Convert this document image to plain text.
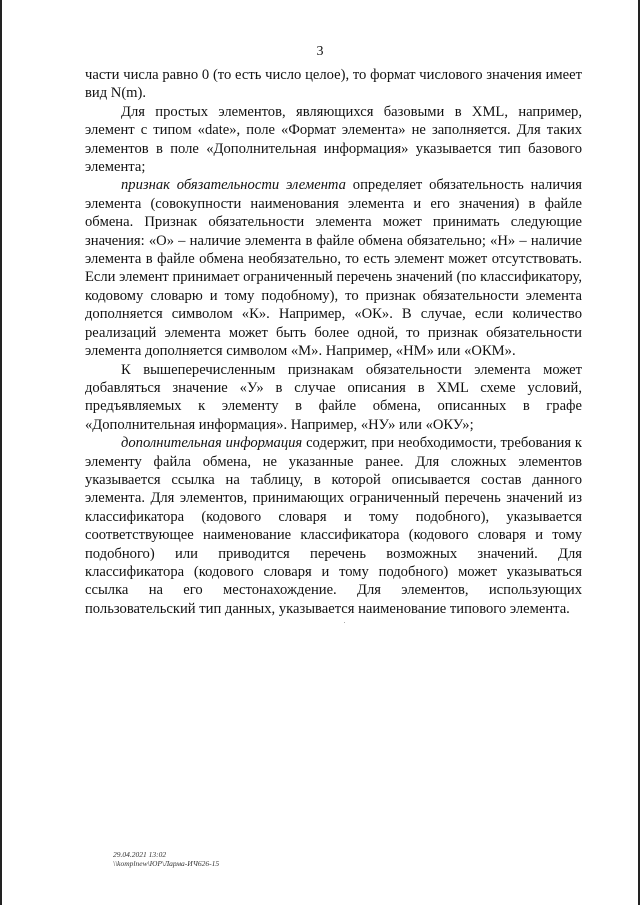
3

части числа равно 0 (то есть число целое), то формат числового значения имеет вид N(m).

Для простых элементов, являющихся базовыми в XML, например, элемент с типом «date», поле «Формат элемента» не заполняется. Для таких элементов в поле «Дополнительная информация» указывается тип базового элемента;

признак обязательности элемента определяет обязательность наличия элемента (совокупности наименования элемента и его значения) в файле обмена. Признак обязательности элемента может принимать следующие значения: «О» – наличие элемента в файле обмена обязательно; «Н» – наличие элемента в файле обмена необязательно, то есть элемент может отсутствовать. Если элемент принимает ограниченный перечень значений (по классификатору, кодовому словарю и тому подобному), то признак обязательности элемента дополняется символом «К». Например, «ОК». В случае, если количество реализаций элемента может быть более одной, то признак обязательности элемента дополняется символом «М». Например, «НМ» или «ОКМ».

К вышеперечисленным признакам обязательности элемента может добавляться значение «У» в случае описания в XML схеме условий, предъявляемых к элементу в файле обмена, описанных в графе «Дополнительная информация». Например, «НУ» или «ОКУ»;

дополнительная информация содержит, при необходимости, требования к элементу файла обмена, не указанные ранее. Для сложных элементов указывается ссылка на таблицу, в которой описывается состав данного элемента. Для элементов, принимающих ограниченный перечень значений из классификатора (кодового словаря и тому подобного), указывается соответствующее наименование классификатора (кодового словаря и тому подобного) или приводится перечень возможных значений. Для классификатора (кодового словаря и тому подобного) может указываться ссылка на его местонахождение. Для элементов, использующих пользовательский тип данных, указывается наименование типового элемента.

29.04.2021 13:02
\\komplnew\ЮР\Ларма-ИЧ626-15
